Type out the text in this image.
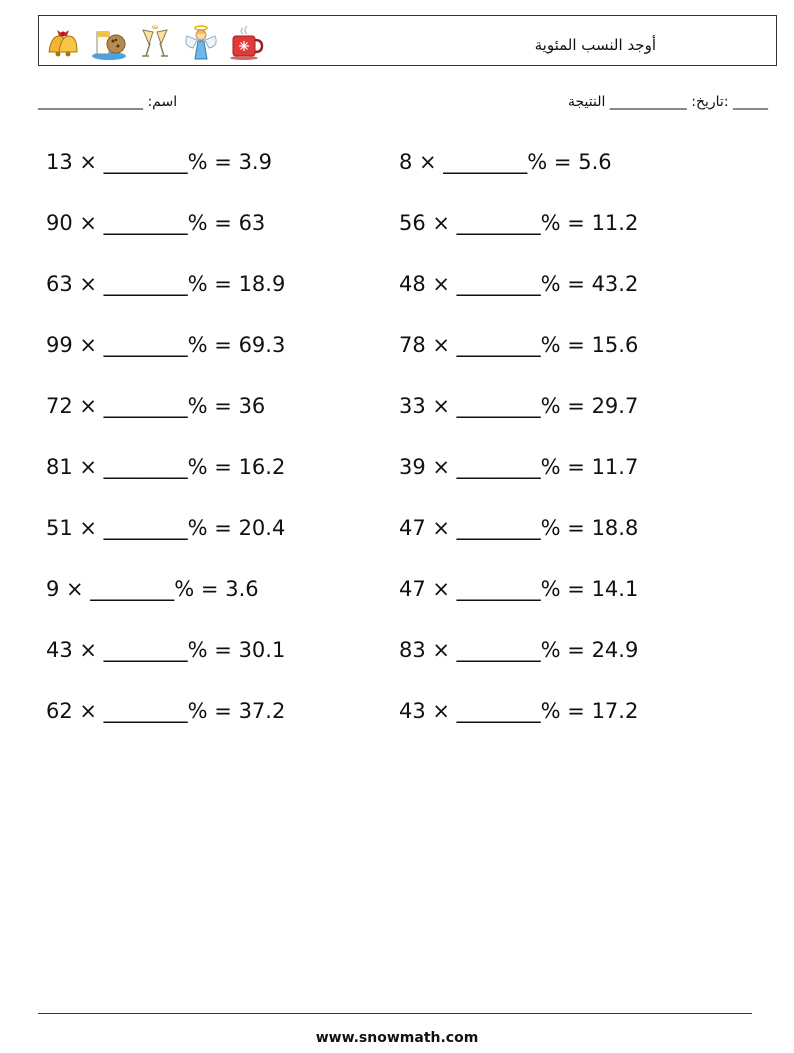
أوجد النسب المئوية
اسم: _______________	_____ :تاريخ: ___________ النتيجة
13 × ________% = 3.9	8 × ________% = 5.6
90 × ________% = 63	56 × ________% = 11.2
63 × ________% = 18.9	48 × ________% = 43.2
99 × ________% = 69.3	78 × ________% = 15.6
72 × ________% = 36	33 × ________% = 29.7
81 × ________% = 16.2	39 × ________% = 11.7
51 × ________% = 20.4	47 × ________% = 18.8
9 × ________% = 3.6	47 × ________% = 14.1
43 × ________% = 30.1	83 × ________% = 24.9
62 × ________% = 37.2	43 × ________% = 17.2
www.snowmath.com
